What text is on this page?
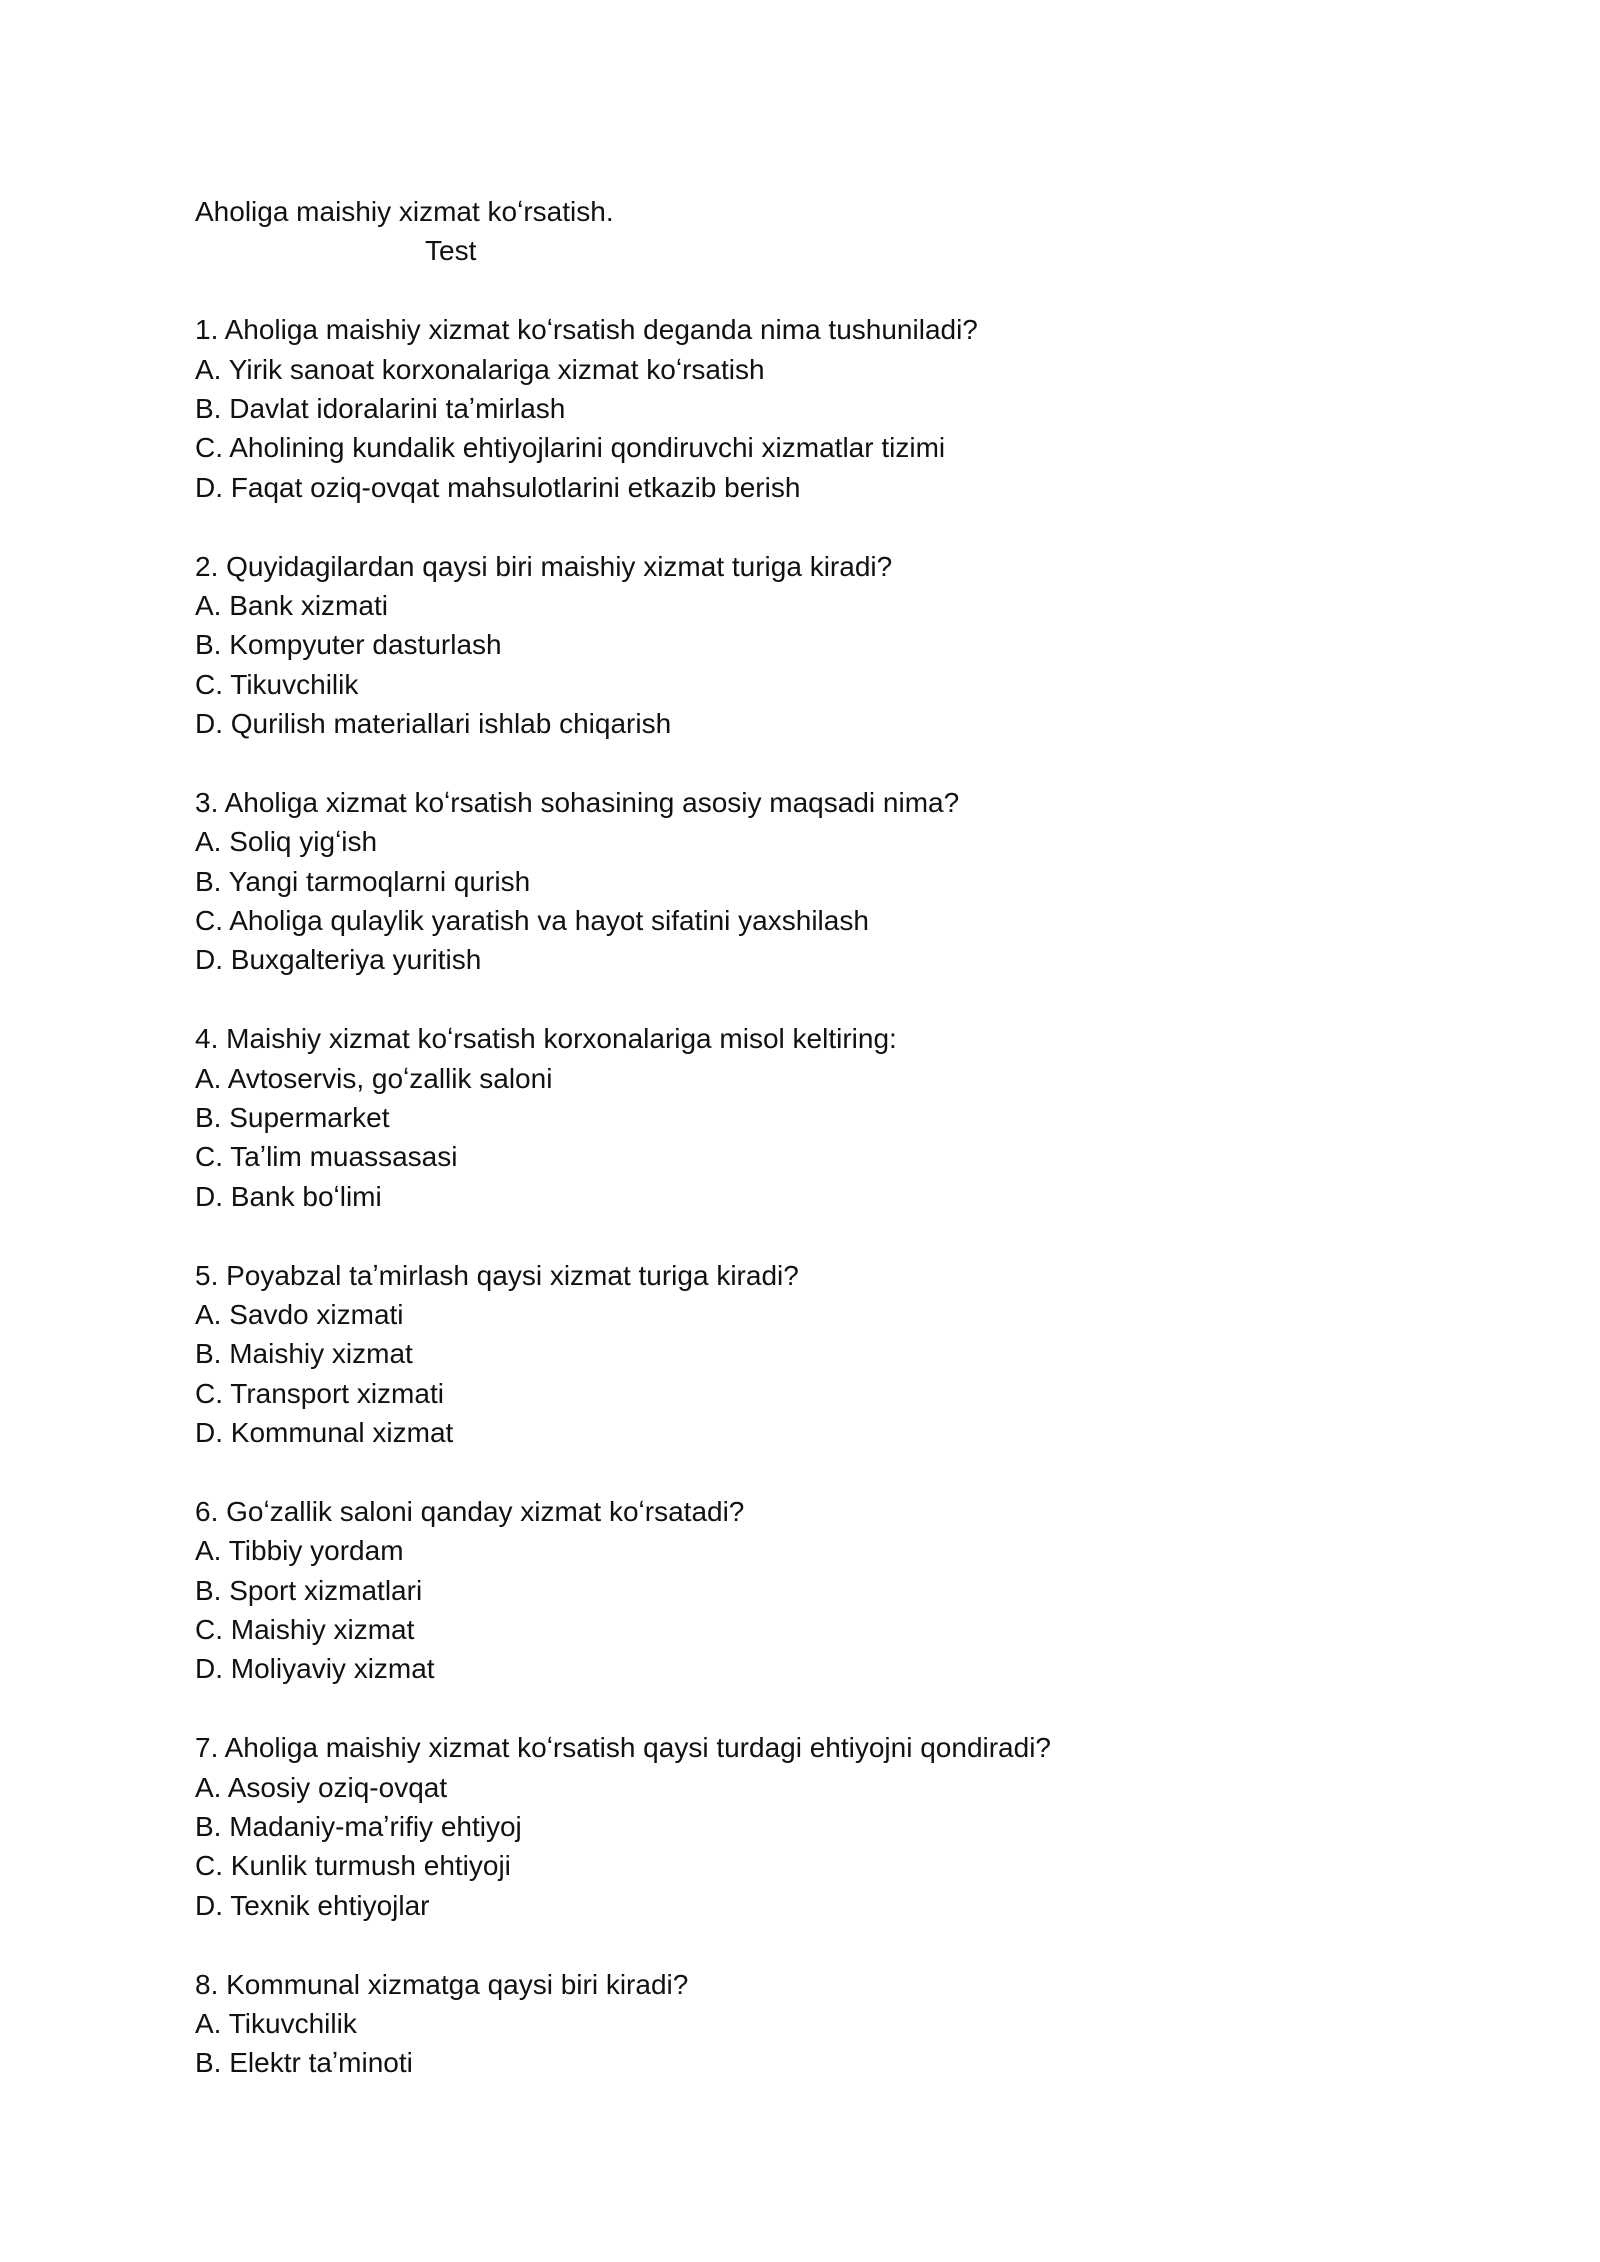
Aholiga maishiy xizmat koʻrsatish.
Test
1. Aholiga maishiy xizmat koʻrsatish deganda nima tushuniladi?
A. Yirik sanoat korxonalariga xizmat koʻrsatish
B. Davlat idoralarini taʼmirlash
C. Aholining kundalik ehtiyojlarini qondiruvchi xizmatlar tizimi
D. Faqat oziq-ovqat mahsulotlarini etkazib berish
2. Quyidagilardan qaysi biri maishiy xizmat turiga kiradi?
A. Bank xizmati
B. Kompyuter dasturlash
C. Tikuvchilik
D. Qurilish materiallari ishlab chiqarish
3. Aholiga xizmat koʻrsatish sohasining asosiy maqsadi nima?
A. Soliq yigʻish
B. Yangi tarmoqlarni qurish
C. Aholiga qulaylik yaratish va hayot sifatini yaxshilash
D. Buxgalteriya yuritish
4. Maishiy xizmat koʻrsatish korxonalariga misol keltiring:
A. Avtoservis, goʻzallik saloni
B. Supermarket
C. Taʼlim muassasasi
D. Bank boʻlimi
5. Poyabzal taʼmirlash qaysi xizmat turiga kiradi?
A. Savdo xizmati
B. Maishiy xizmat
C. Transport xizmati
D. Kommunal xizmat
6. Goʻzallik saloni qanday xizmat koʻrsatadi?
A. Tibbiy yordam
B. Sport xizmatlari
C. Maishiy xizmat
D. Moliyaviy xizmat
7. Aholiga maishiy xizmat koʻrsatish qaysi turdagi ehtiyojni qondiradi?
A. Asosiy oziq-ovqat
B. Madaniy-maʼrifiy ehtiyoj
C. Kunlik turmush ehtiyoji
D. Texnik ehtiyojlar
8. Kommunal xizmatga qaysi biri kiradi?
A. Tikuvchilik
B. Elektr taʼminoti
